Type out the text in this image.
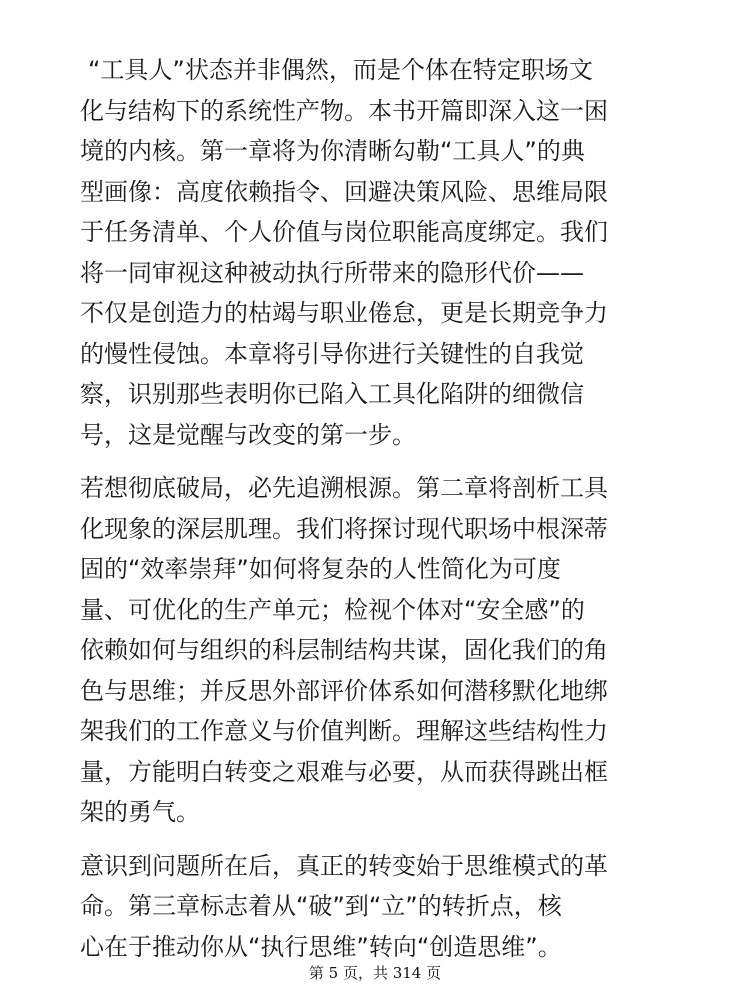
“工具人”状态并非偶然，而是个体在特定职场文
化与结构下的系统性产物。本书开篇即深入这一困
境的内核。第一章将为你清晰勾勒“工具人”的典
型画像：高度依赖指令、回避决策风险、思维局限
于任务清单、个人价值与岗位职能高度绑定。我们
将一同审视这种被动执行所带来的隐形代价——
不仅是创造力的枯竭与职业倦怠，更是长期竞争力
的慢性侵蚀。本章将引导你进行关键性的自我觉
察，识别那些表明你已陷入工具化陷阱的细微信
号，这是觉醒与改变的第一步。

若想彻底破局，必先追溯根源。第二章将剖析工具
化现象的深层肌理。我们将探讨现代职场中根深蒂
固的“效率崇拜”如何将复杂的人性简化为可度
量、可优化的生产单元；检视个体对“安全感”的
依赖如何与组织的科层制结构共谋，固化我们的角
色与思维；并反思外部评价体系如何潜移默化地绑
架我们的工作意义与价值判断。理解这些结构性力
量，方能明白转变之艰难与必要，从而获得跳出框
架的勇气。

意识到问题所在后，真正的转变始于思维模式的革
命。第三章标志着从“破”到“立”的转折点，核
心在于推动你从“执行思维”转向“创造思维”。

第 5 页，共 314 页
